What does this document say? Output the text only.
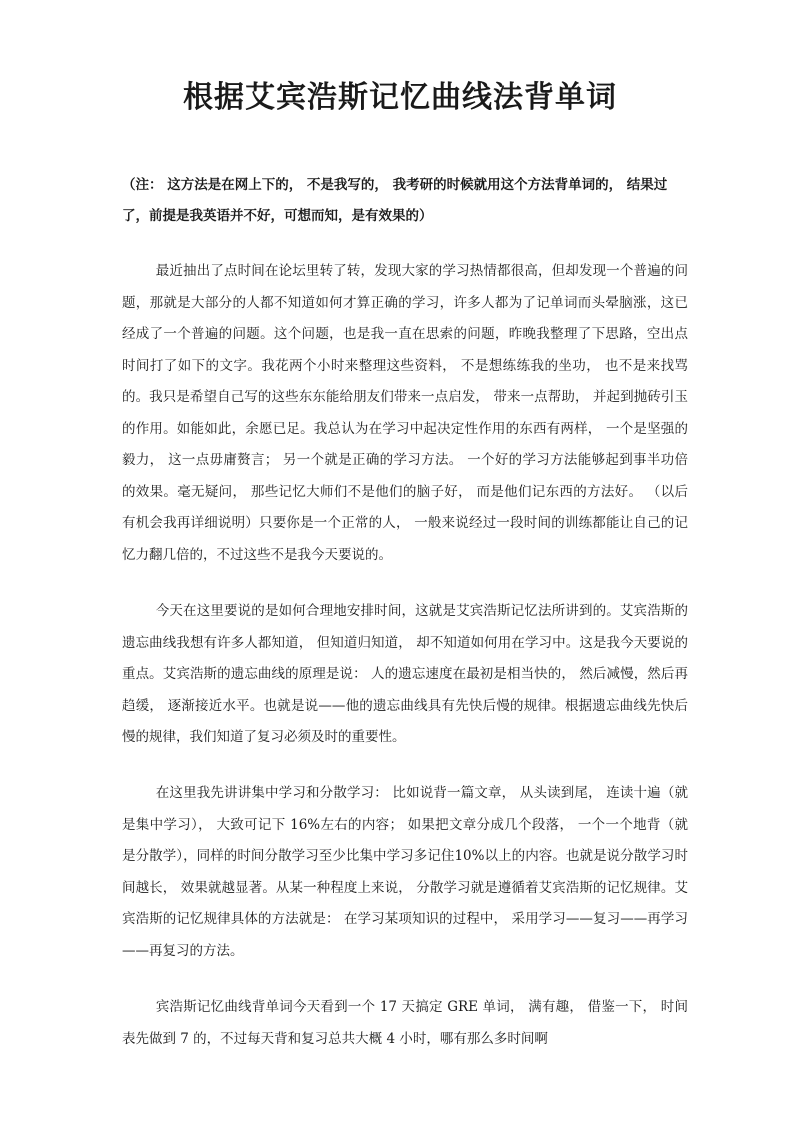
根据艾宾浩斯记忆曲线法背单词

（注： 这方法是在网上下的， 不是我写的， 我考研的时候就用这个方法背单词的， 结果过了，前提是我英语并不好，可想而知，是有效果的）

最近抽出了点时间在论坛里转了转，发现大家的学习热情都很高，但却发现一个普遍的问题，那就是大部分的人都不知道如何才算正确的学习，许多人都为了记单词而头晕脑涨，这已经成了一个普遍的问题。这个问题，也是我一直在思索的问题，昨晚我整理了下思路，空出点时间打了如下的文字。我花两个小时来整理这些资料， 不是想练练我的坐功， 也不是来找骂的。我只是希望自己写的这些东东能给朋友们带来一点启发， 带来一点帮助， 并起到抛砖引玉的作用。如能如此，余愿已足。我总认为在学习中起决定性作用的东西有两样， 一个是坚强的毅力， 这一点毋庸赘言； 另一个就是正确的学习方法。 一个好的学习方法能够起到事半功倍的效果。毫无疑问， 那些记忆大师们不是他们的脑子好， 而是他们记东西的方法好。 （以后有机会我再详细说明）只要你是一个正常的人， 一般来说经过一段时间的训练都能让自己的记忆力翻几倍的，不过这些不是我今天要说的。

今天在这里要说的是如何合理地安排时间，这就是艾宾浩斯记忆法所讲到的。艾宾浩斯的遗忘曲线我想有许多人都知道， 但知道归知道， 却不知道如何用在学习中。这是我今天要说的重点。艾宾浩斯的遗忘曲线的原理是说： 人的遗忘速度在最初是相当快的， 然后减慢，然后再趋缓， 逐渐接近水平。也就是说——他的遗忘曲线具有先快后慢的规律。根据遗忘曲线先快后慢的规律，我们知道了复习必须及时的重要性。

在这里我先讲讲集中学习和分散学习： 比如说背一篇文章， 从头读到尾， 连读十遍（就是集中学习）， 大致可记下 16%左右的内容； 如果把文章分成几个段落， 一个一个地背（就是分散学），同样的时间分散学习至少比集中学习多记住10%以上的内容。也就是说分散学习时间越长， 效果就越显著。从某一种程度上来说， 分散学习就是遵循着艾宾浩斯的记忆规律。艾宾浩斯的记忆规律具体的方法就是： 在学习某项知识的过程中， 采用学习——复习——再学习——再复习的方法。

宾浩斯记忆曲线背单词今天看到一个 17 天搞定 GRE 单词， 满有趣， 借鉴一下， 时间表先做到 7 的，不过每天背和复习总共大概 4 小时，哪有那么多时间啊
